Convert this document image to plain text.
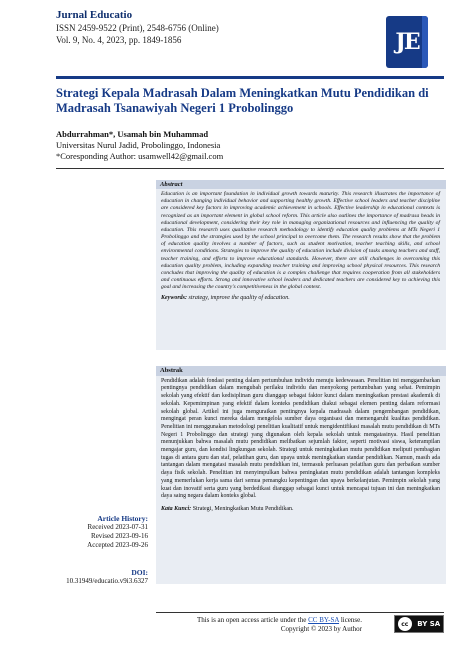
Jurnal Educatio
ISSN 2459-9522 (Print), 2548-6756 (Online)
Vol. 9, No. 4, 2023, pp. 1849-1856	JE
Strategi Kepala Madrasah Dalam Meningkatkan Mutu Pendidikan di Madrasah Tsanawiyah Negeri 1 Probolinggo
Abdurrahman*, Usamah bin Muhammad
Universitas Nurul Jadid, Probolinggo, Indonesia
*Coresponding Author: usamwell42@gmail.com
Abstract
Education is an important foundation in individual growth towards maturity. This research illustrates the importance of education in changing individual behavior and supporting healthy growth. Effective school leaders and teacher discipline are considered key factors in improving academic achievement in schools. Effective leadership in educational contexts is recognized as an important element in global school reform. This article also outlines the importance of madrasa heads in educational development, considering their key role in managing organizational resources and influencing the quality of education. This research uses qualitative research methodology to identify education quality problems at MTs Negeri 1 Probolinggo and the strategies used by the school principal to overcome them. The research results show that the problem of education quality involves a number of factors, such as student motivation, teacher teaching skills, and school environmental conditions. Strategies to improve the quality of education include division of tasks among teachers and staff, teacher training, and efforts to improve educational standards. However, there are still challenges in overcoming this education quality problem, including expanding teacher training and improving school physical resources. This research concludes that improving the quality of education is a complex challenge that requires cooperation from all stakeholders and continuous efforts. Strong and innovative school leaders and dedicated teachers are considered key to achieving this goal and increasing the country's competitiveness in the global context.
Keywords: strategy, improve the quality of education.
Abstrak
Pendidikan adalah fondasi penting dalam pertumbuhan individu menuju kedewasaan. Penelitian ini menggambarkan pentingnya pendidikan dalam mengubah perilaku individu dan menyokong pertumbuhan yang sehat. Pemimpin sekolah yang efektif dan kedisiplinan guru dianggap sebagai faktor kunci dalam meningkatkan prestasi akademik di sekolah. Kepemimpinan yang efektif dalam konteks pendidikan diakui sebagai elemen penting dalam reformasi sekolah global. Artikel ini juga menguraikan pentingnya kepala madrasah dalam pengembangan pendidikan, mengingat peran kunci mereka dalam mengelola sumber daya organisasi dan memengaruhi kualitas pendidikan. Penelitian ini menggunakan metodologi penelitian kualitatif untuk mengidentifikasi masalah mutu pendidikan di MTs Negeri 1 Probolinggo dan strategi yang digunakan oleh kepala sekolah untuk mengatasinya. Hasil penelitian menunjukkan bahwa masalah mutu pendidikan melibatkan sejumlah faktor, seperti motivasi siswa, keterampilan mengajar guru, dan kondisi lingkungan sekolah. Strategi untuk meningkatkan mutu pendidikan meliputi pembagian tugas di antara guru dan staf, pelatihan guru, dan upaya untuk meningkatkan standar pendidikan. Namun, masih ada tantangan dalam mengatasi masalah mutu pendidikan ini, termasuk perluasan pelatihan guru dan perbaikan sumber daya fisik sekolah. Penelitian ini menyimpulkan bahwa peningkatan mutu pendidikan adalah tantangan kompleks yang memerlukan kerja sama dari semua pemangku kepentingan dan upaya berkelanjutan. Pemimpin sekolah yang kuat dan inovatif serta guru yang berdedikasi dianggap sebagai kunci untuk mencapai tujuan ini dan meningkatkan daya saing negara dalam konteks global.
Kata Kunci: Strategi, Meningkatkan Mutu Pendidikan.
Article History:
Received 2023-07-31
Revised 2023-09-16
Accepted 2023-09-26
DOI:
10.31949/educatio.v9i3.6327
This is an open access article under the CC BY-SA license.
Copyright © 2023 by Author
cc	BY SA
